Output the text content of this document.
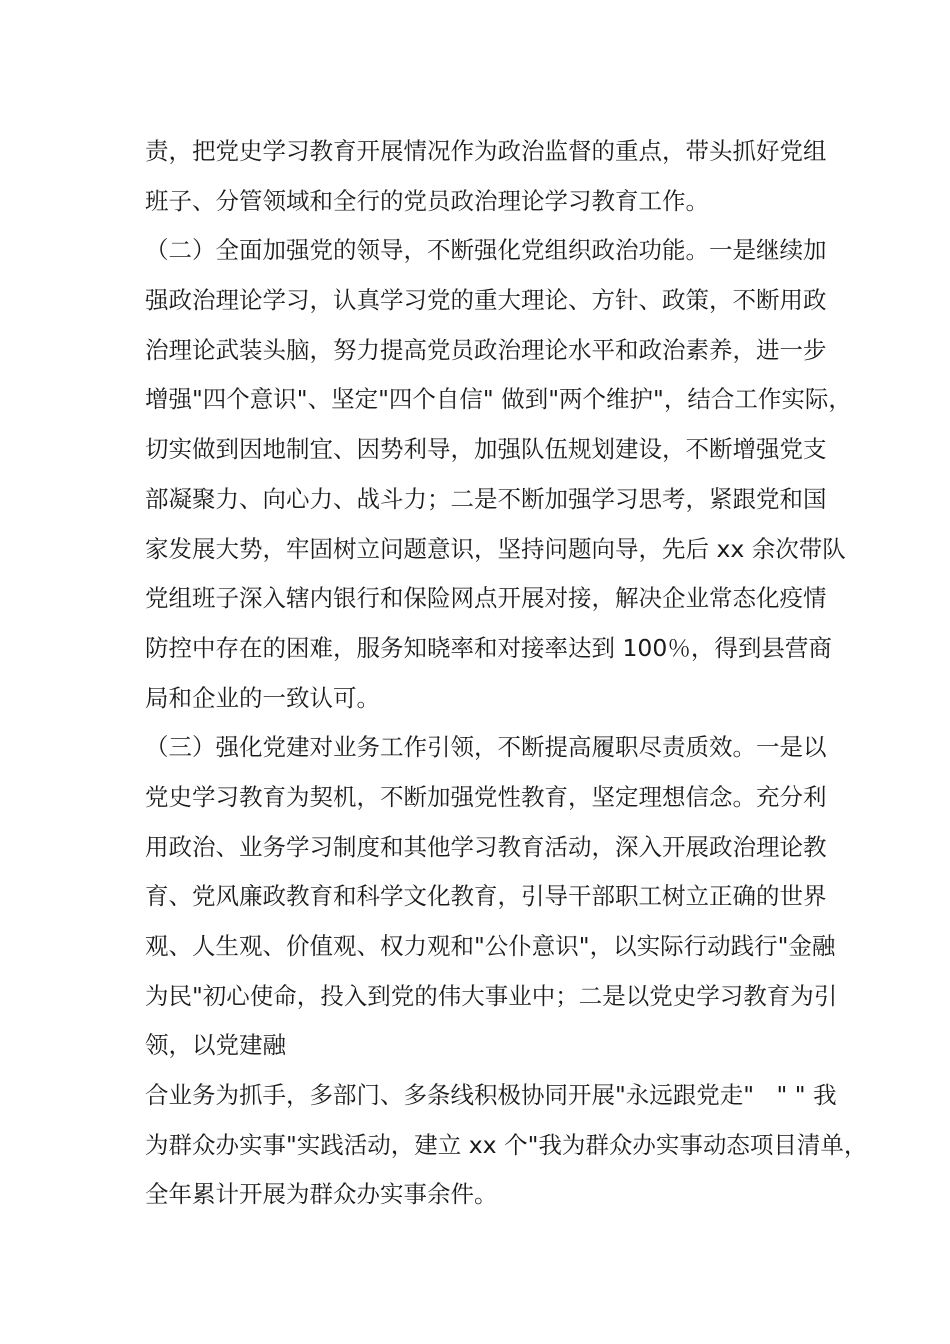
责，把党史学习教育开展情况作为政治监督的重点，带头抓好党组
班子、分管领域和全行的党员政治理论学习教育工作。
（二）全面加强党的领导，不断强化党组织政治功能。一是继续加
强政治理论学习，认真学习党的重大理论、方针、政策，不断用政
治理论武装头脑，努力提高党员政治理论水平和政治素养，进一步
增强"四个意识"、坚定"四个自信" 做到"两个维护"，结合工作实际，
切实做到因地制宜、因势利导，加强队伍规划建设，不断增强党支
部凝聚力、向心力、战斗力；二是不断加强学习思考，紧跟党和国
家发展大势，牢固树立问题意识，坚持问题向导，先后 xx 余次带队
党组班子深入辖内银行和保险网点开展对接，解决企业常态化疫情
防控中存在的困难，服务知晓率和对接率达到 100％，得到县营商
局和企业的一致认可。
（三）强化党建对业务工作引领，不断提高履职尽责质效。一是以
党史学习教育为契机，不断加强党性教育，坚定理想信念。充分利
用政治、业务学习制度和其他学习教育活动，深入开展政治理论教
育、党风廉政教育和科学文化教育，引导干部职工树立正确的世界
观、人生观、价值观、权力观和"公仆意识"，以实际行动践行"金融
为民"初心使命，投入到党的伟大事业中；二是以党史学习教育为引
领，以党建融
合业务为抓手，多部门、多条线积极协同开展"永远跟党走"   " " 我
为群众办实事"实践活动，建立 xx 个"我为群众办实事动态项目清单，
全年累计开展为群众办实事余件。
